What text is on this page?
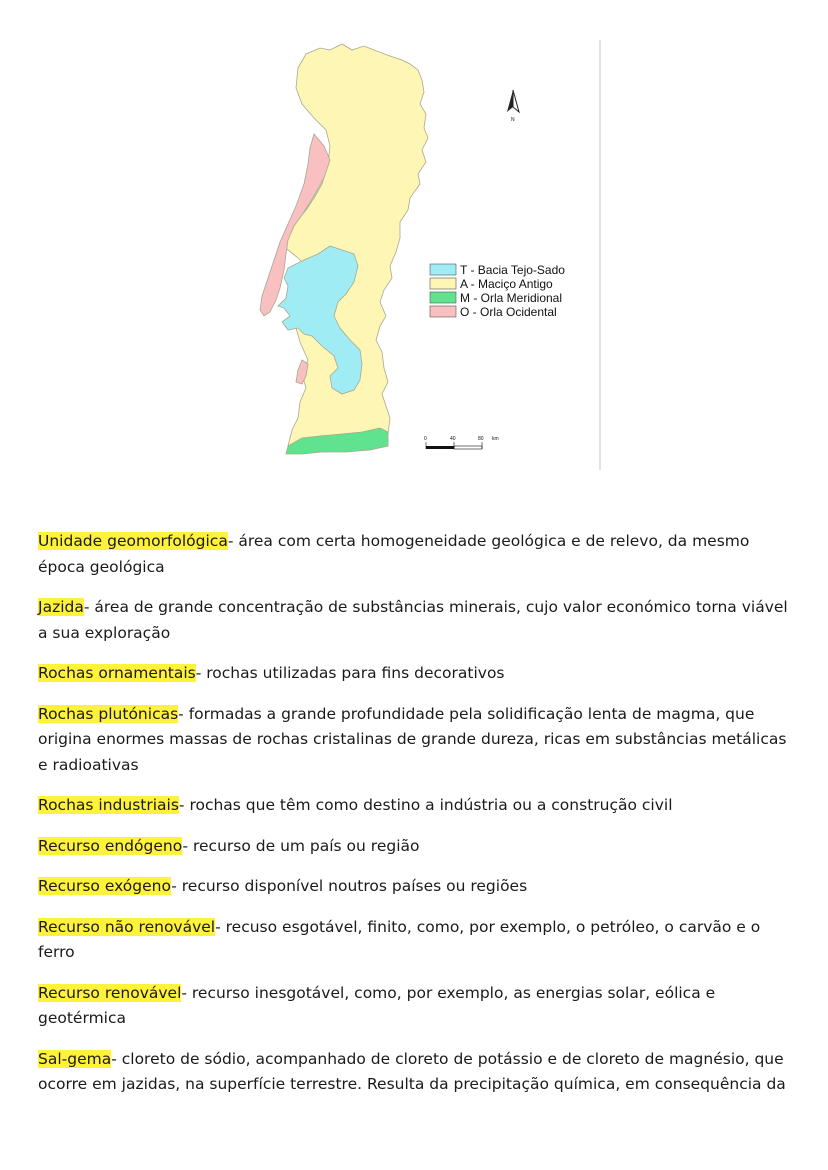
N
T - Bacia Tejo-Sado
A - Maciço Antigo
M - Orla Meridional
O - Orla Ocidental
0	40	80 km

Unidade geomorfológica- área com certa homogeneidade geológica e de relevo, da mesmo época geológica

Jazida- área de grande concentração de substâncias minerais, cujo valor económico torna viável a sua exploração

Rochas ornamentais- rochas utilizadas para fins decorativos

Rochas plutónicas- formadas a grande profundidade pela solidificação lenta de magma, que origina enormes massas de rochas cristalinas de grande dureza, ricas em substâncias metálicas e radioativas

Rochas industriais- rochas que têm como destino a indústria ou a construção civil

Recurso endógeno- recurso de um país ou região

Recurso exógeno- recurso disponível noutros países ou regiões

Recurso não renovável- recuso esgotável, finito, como, por exemplo, o petróleo, o carvão e o ferro

Recurso renovável- recurso inesgotável, como, por exemplo, as energias solar, eólica e geotérmica

Sal-gema- cloreto de sódio, acompanhado de cloreto de potássio e de cloreto de magnésio, que ocorre em jazidas, na superfície terrestre. Resulta da precipitação química, em consequência da
